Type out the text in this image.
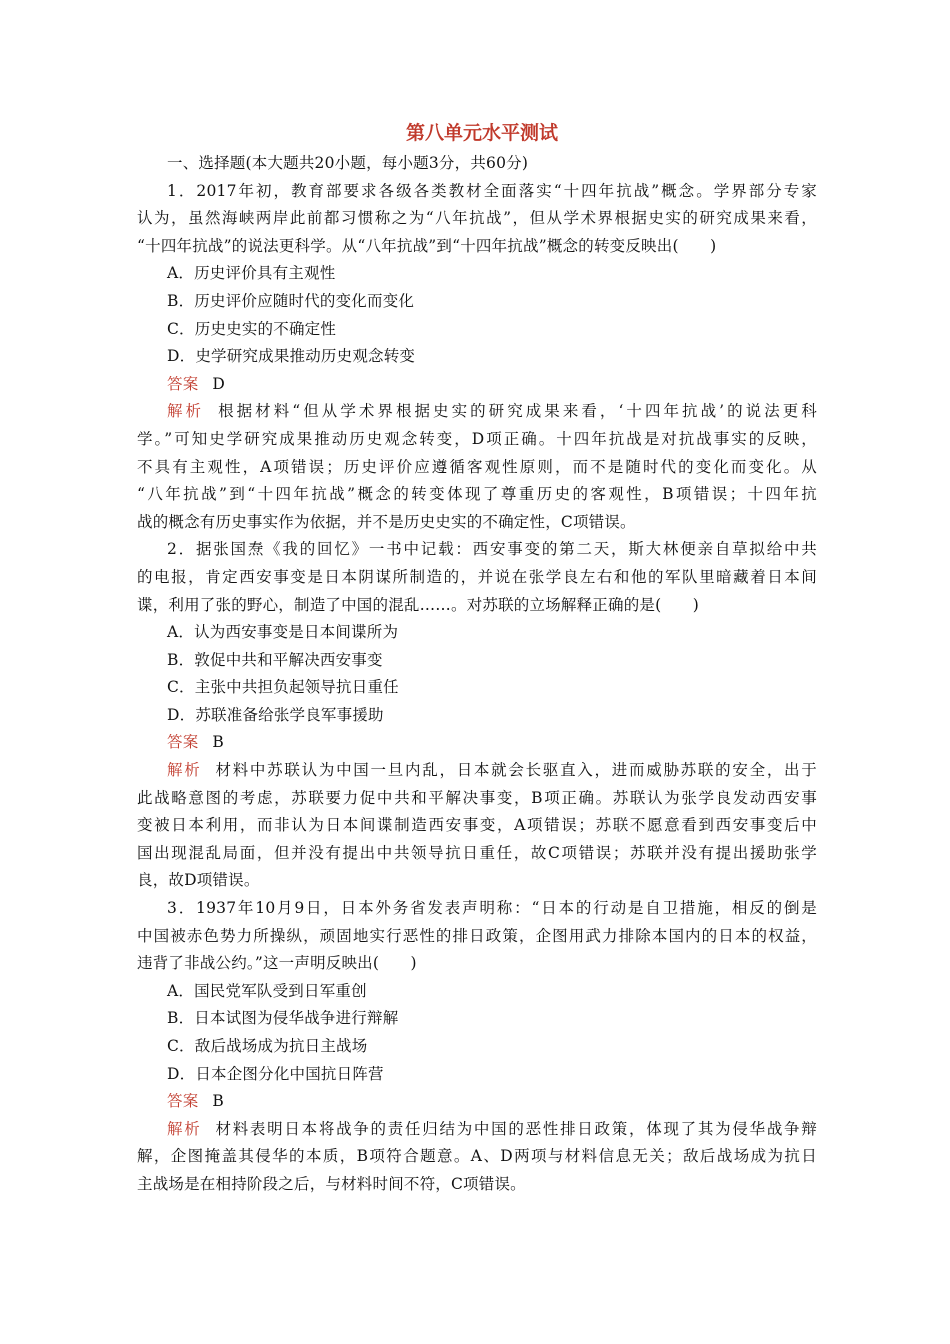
第八单元水平测试
一、选择题(本大题共20小题，每小题3分，共60分)
1．2017年初，教育部要求各级各类教材全面落实“十四年抗战”概念。学界部分专家
认为，虽然海峡两岸此前都习惯称之为“八年抗战”，但从学术界根据史实的研究成果来看，
“十四年抗战”的说法更科学。从“八年抗战”到“十四年抗战”概念的转变反映出(　　)
A．历史评价具有主观性
B．历史评价应随时代的变化而变化
C．历史史实的不确定性
D．史学研究成果推动历史观念转变
答案 D
解析 根据材料“但从学术界根据史实的研究成果来看，‘十四年抗战’的说法更科
学。”可知史学研究成果推动历史观念转变，D项正确。十四年抗战是对抗战事实的反映，
不具有主观性，A项错误；历史评价应遵循客观性原则，而不是随时代的变化而变化。从
“八年抗战”到“十四年抗战”概念的转变体现了尊重历史的客观性，B项错误；十四年抗
战的概念有历史事实作为依据，并不是历史史实的不确定性，C项错误。
2．据张国焘《我的回忆》一书中记载：西安事变的第二天，斯大林便亲自草拟给中共
的电报，肯定西安事变是日本阴谋所制造的，并说在张学良左右和他的军队里暗藏着日本间
谍，利用了张的野心，制造了中国的混乱……。对苏联的立场解释正确的是(　　)
A．认为西安事变是日本间谍所为
B．敦促中共和平解决西安事变
C．主张中共担负起领导抗日重任
D．苏联准备给张学良军事援助
答案 B
解析 材料中苏联认为中国一旦内乱，日本就会长驱直入，进而威胁苏联的安全，出于
此战略意图的考虑，苏联要力促中共和平解决事变，B项正确。苏联认为张学良发动西安事
变被日本利用，而非认为日本间谍制造西安事变，A项错误；苏联不愿意看到西安事变后中
国出现混乱局面，但并没有提出中共领导抗日重任，故C项错误；苏联并没有提出援助张学
良，故D项错误。
3．1937年10月9日，日本外务省发表声明称：“日本的行动是自卫措施，相反的倒是
中国被赤色势力所操纵，顽固地实行恶性的排日政策，企图用武力排除本国内的日本的权益，
违背了非战公约。”这一声明反映出(　　)
A．国民党军队受到日军重创
B．日本试图为侵华战争进行辩解
C．敌后战场成为抗日主战场
D．日本企图分化中国抗日阵营
答案 B
解析 材料表明日本将战争的责任归结为中国的恶性排日政策，体现了其为侵华战争辩
解，企图掩盖其侵华的本质，B项符合题意。A、D两项与材料信息无关；敌后战场成为抗日
主战场是在相持阶段之后，与材料时间不符，C项错误。
